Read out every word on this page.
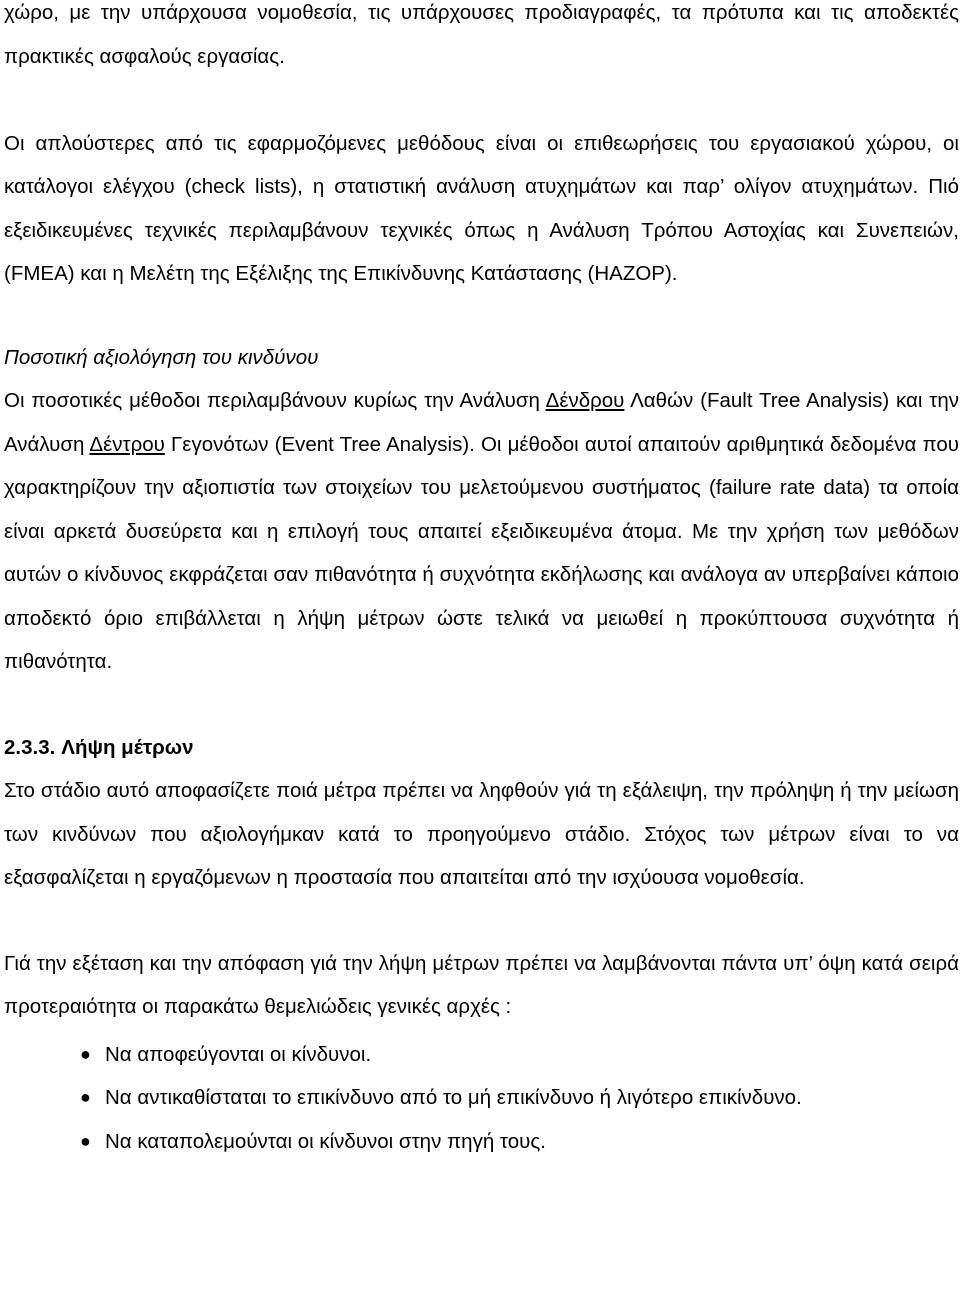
χώρο, με την υπάρχουσα νομοθεσία, τις υπάρχουσες προδιαγραφές, τα πρότυπα και τις αποδεκτές πρακτικές ασφαλούς εργασίας.

Οι απλούστερες από τις εφαρμοζόμενες μεθόδους είναι οι επιθεωρήσεις του εργασιακού χώρου, οι κατάλογοι ελέγχου (check lists), η στατιστική ανάλυση ατυχημάτων και παρ’ ολίγον ατυχημάτων. Πιό εξειδικευμένες τεχνικές περιλαμβάνουν τεχνικές όπως η Ανάλυση Τρόπου Αστοχίας και Συνεπειών, (FMEA) και η Μελέτη της Εξέλιξης της Επικίνδυνης Κατάστασης (HAZOP).

Ποσοτική αξιολόγηση του κινδύνου

Οι ποσοτικές μέθοδοι περιλαμβάνουν κυρίως την Ανάλυση Δένδρου Λαθών (Fault Tree Analysis) και την Ανάλυση Δέντρου Γεγονότων (Event Tree Analysis). Οι μέθοδοι αυτοί απαιτούν αριθμητικά δεδομένα που χαρακτηρίζουν την αξιοπιστία των στοιχείων του μελετούμενου συστήματος (failure rate data) τα οποία είναι αρκετά δυσεύρετα και η επιλογή τους απαιτεί εξειδικευμένα άτομα. Με την χρήση των μεθόδων αυτών ο κίνδυνος εκφράζεται σαν πιθανότητα ή συχνότητα εκδήλωσης και ανάλογα αν υπερβαίνει κάποιο αποδεκτό όριο επιβάλλεται η λήψη μέτρων ώστε τελικά να μειωθεί η προκύπτουσα συχνότητα ή πιθανότητα.

2.3.3. Λήψη μέτρων

Στο στάδιο αυτό αποφασίζετε ποιά μέτρα πρέπει να ληφθούν γιά τη εξάλειψη, την πρόληψη ή την μείωση των κινδύνων που αξιολογήμκαν κατά το προηγούμενο στάδιο. Στόχος των μέτρων είναι το να εξασφαλίζεται η εργαζόμενων η προστασία που απαιτείται από την ισχύουσα νομοθεσία.

Γιά την εξέταση και την απόφαση γιά την λήψη μέτρων πρέπει να λαμβάνονται πάντα υπ’ όψη κατά σειρά προτεραιότητα οι παρακάτω θεμελιώδεις γενικές αρχές :

● Να αποφεύγονται οι κίνδυνοι.
● Να αντικαθίσταται το επικίνδυνο από το μή επικίνδυνο ή λιγότερο επικίνδυνο.
● Να καταπολεμούνται οι κίνδυνοι στην πηγή τους.
